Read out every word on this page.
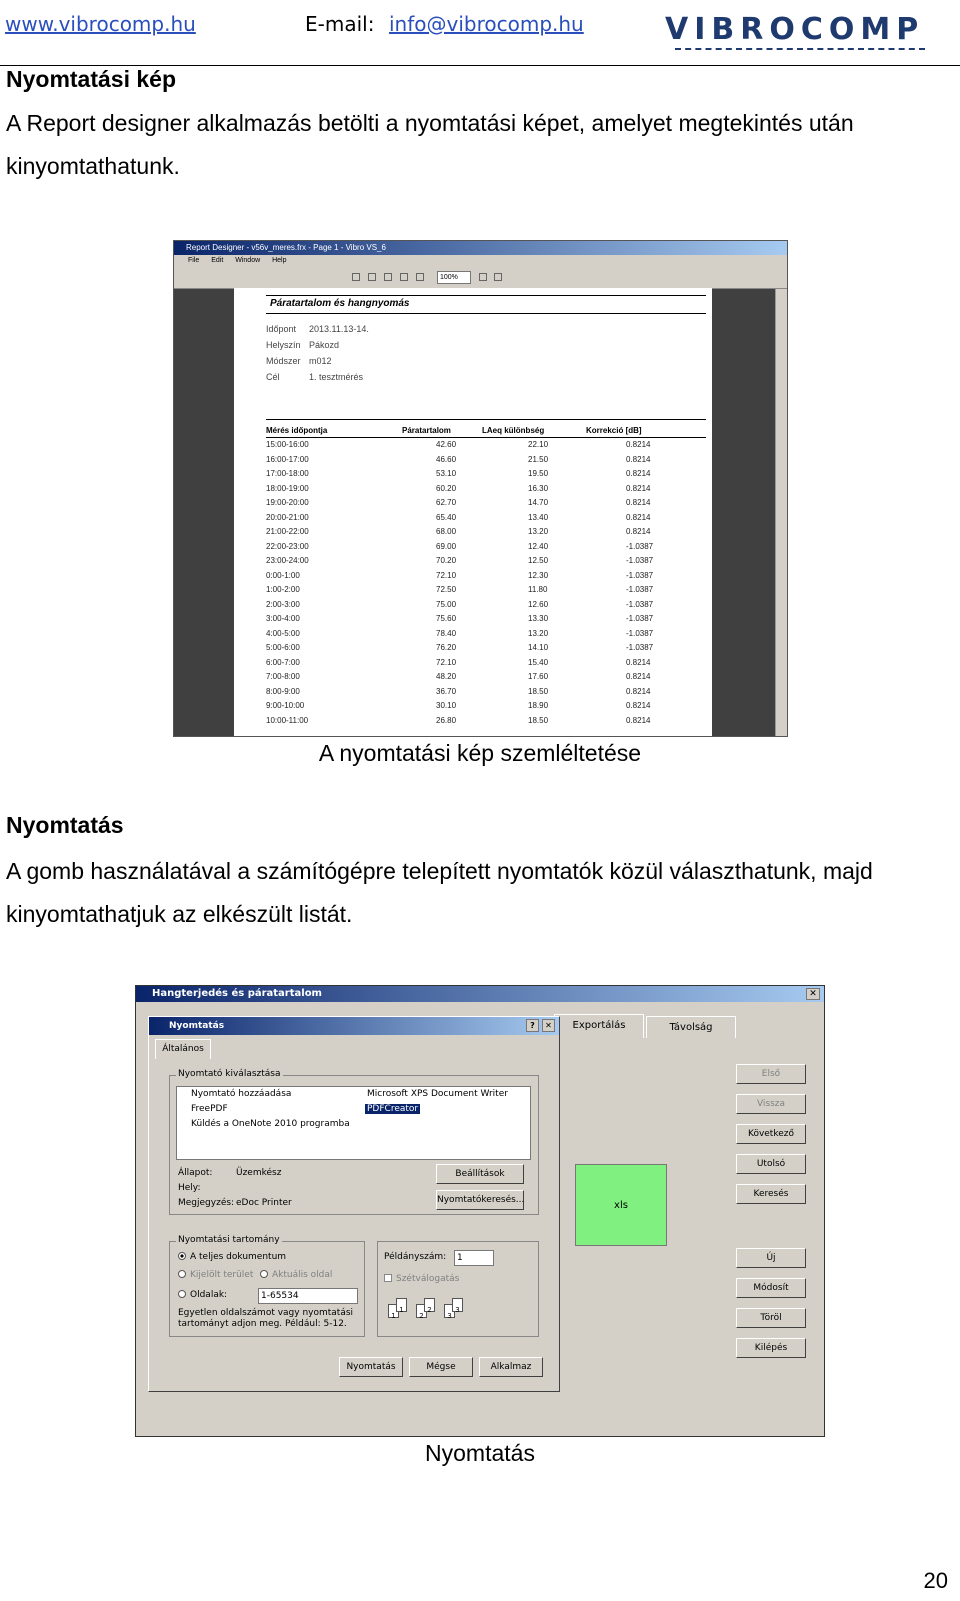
www.vibrocomp.hu	E-mail: info@vibrocomp.hu	VIBROCOMP
Nyomtatási kép
A Report designer alkalmazás betölti a nyomtatási képet, amelyet megtekintés után kinyomtathatunk.
Report Designer - v56v_meres.frx - Page 1 - Vibro VS_6
File Edit Window Help
100%
Páratartalom és hangnyomás
Időpont 2013.11.13-14.
Helyszín Pákozd
Módszer m012
Cél	1. tesztmérés
Mérés időpontja	Páratartalom	LAeq különbség	Korrekció [dB]
15:00-16:00	42.60	22.10	0.8214
16:00-17:00	46.60	21.50	0.8214
17:00-18:00	53.10	19.50	0.8214
18:00-19:00	60.20	16.30	0.8214
19:00-20:00	62.70	14.70	0.8214
20:00-21:00	65.40	13.40	0.8214
21:00-22:00	68.00	13.20	0.8214
22:00-23:00	69.00	12.40	-1.0387
23:00-24:00	70.20	12.50	-1.0387
0:00-1:00	72.10	12.30	-1.0387
1:00-2:00	72.50	11.80	-1.0387
2:00-3:00	75.00	12.60	-1.0387
3:00-4:00	75.60	13.30	-1.0387
4:00-5:00	78.40	13.20	-1.0387
5:00-6:00	76.20	14.10	-1.0387
6:00-7:00	72.10	15.40	0.8214
7:00-8:00	48.20	17.60	0.8214
8:00-9:00	36.70	18.50	0.8214
9:00-10:00	30.10	18.90	0.8214
10:00-11:00	26.80	18.50	0.8214
A nyomtatási kép szemléltetése
Nyomtatás
A gomb használatával a számítógépre telepített nyomtatók közül választhatunk, majd kinyomtathatjuk az elkészült listát.
Hangterjedés és páratartalom	✕
Exportálás	Távolság
xls
Első
Vissza
Következő
Utolsó
Keresés
Új
Módosít
Töröl
Kilépés
Nyomtatás	?	✕
Általános
Nyomtató kiválasztása
Nyomtató hozzáadása
FreePDF
Küldés a OneNote 2010 programba
Microsoft XPS Document Writer
PDFCreator
Állapot:	Üzemkész
Hely:
Megjegyzés: eDoc Printer
Beállítások
Nyomtatókeresés...
Nyomtatási tartomány
A teljes dokumentum
Kijelölt terület	Aktuális oldal
Oldalak:	1-65534
Egyetlen oldalszámot vagy nyomtatási tartományt adjon meg. Például: 5-12.
Példányszám:	1
Szétválogatás
1
1
2
2
3
3
Nyomtatás	Mégse	Alkalmaz
Nyomtatás
20
